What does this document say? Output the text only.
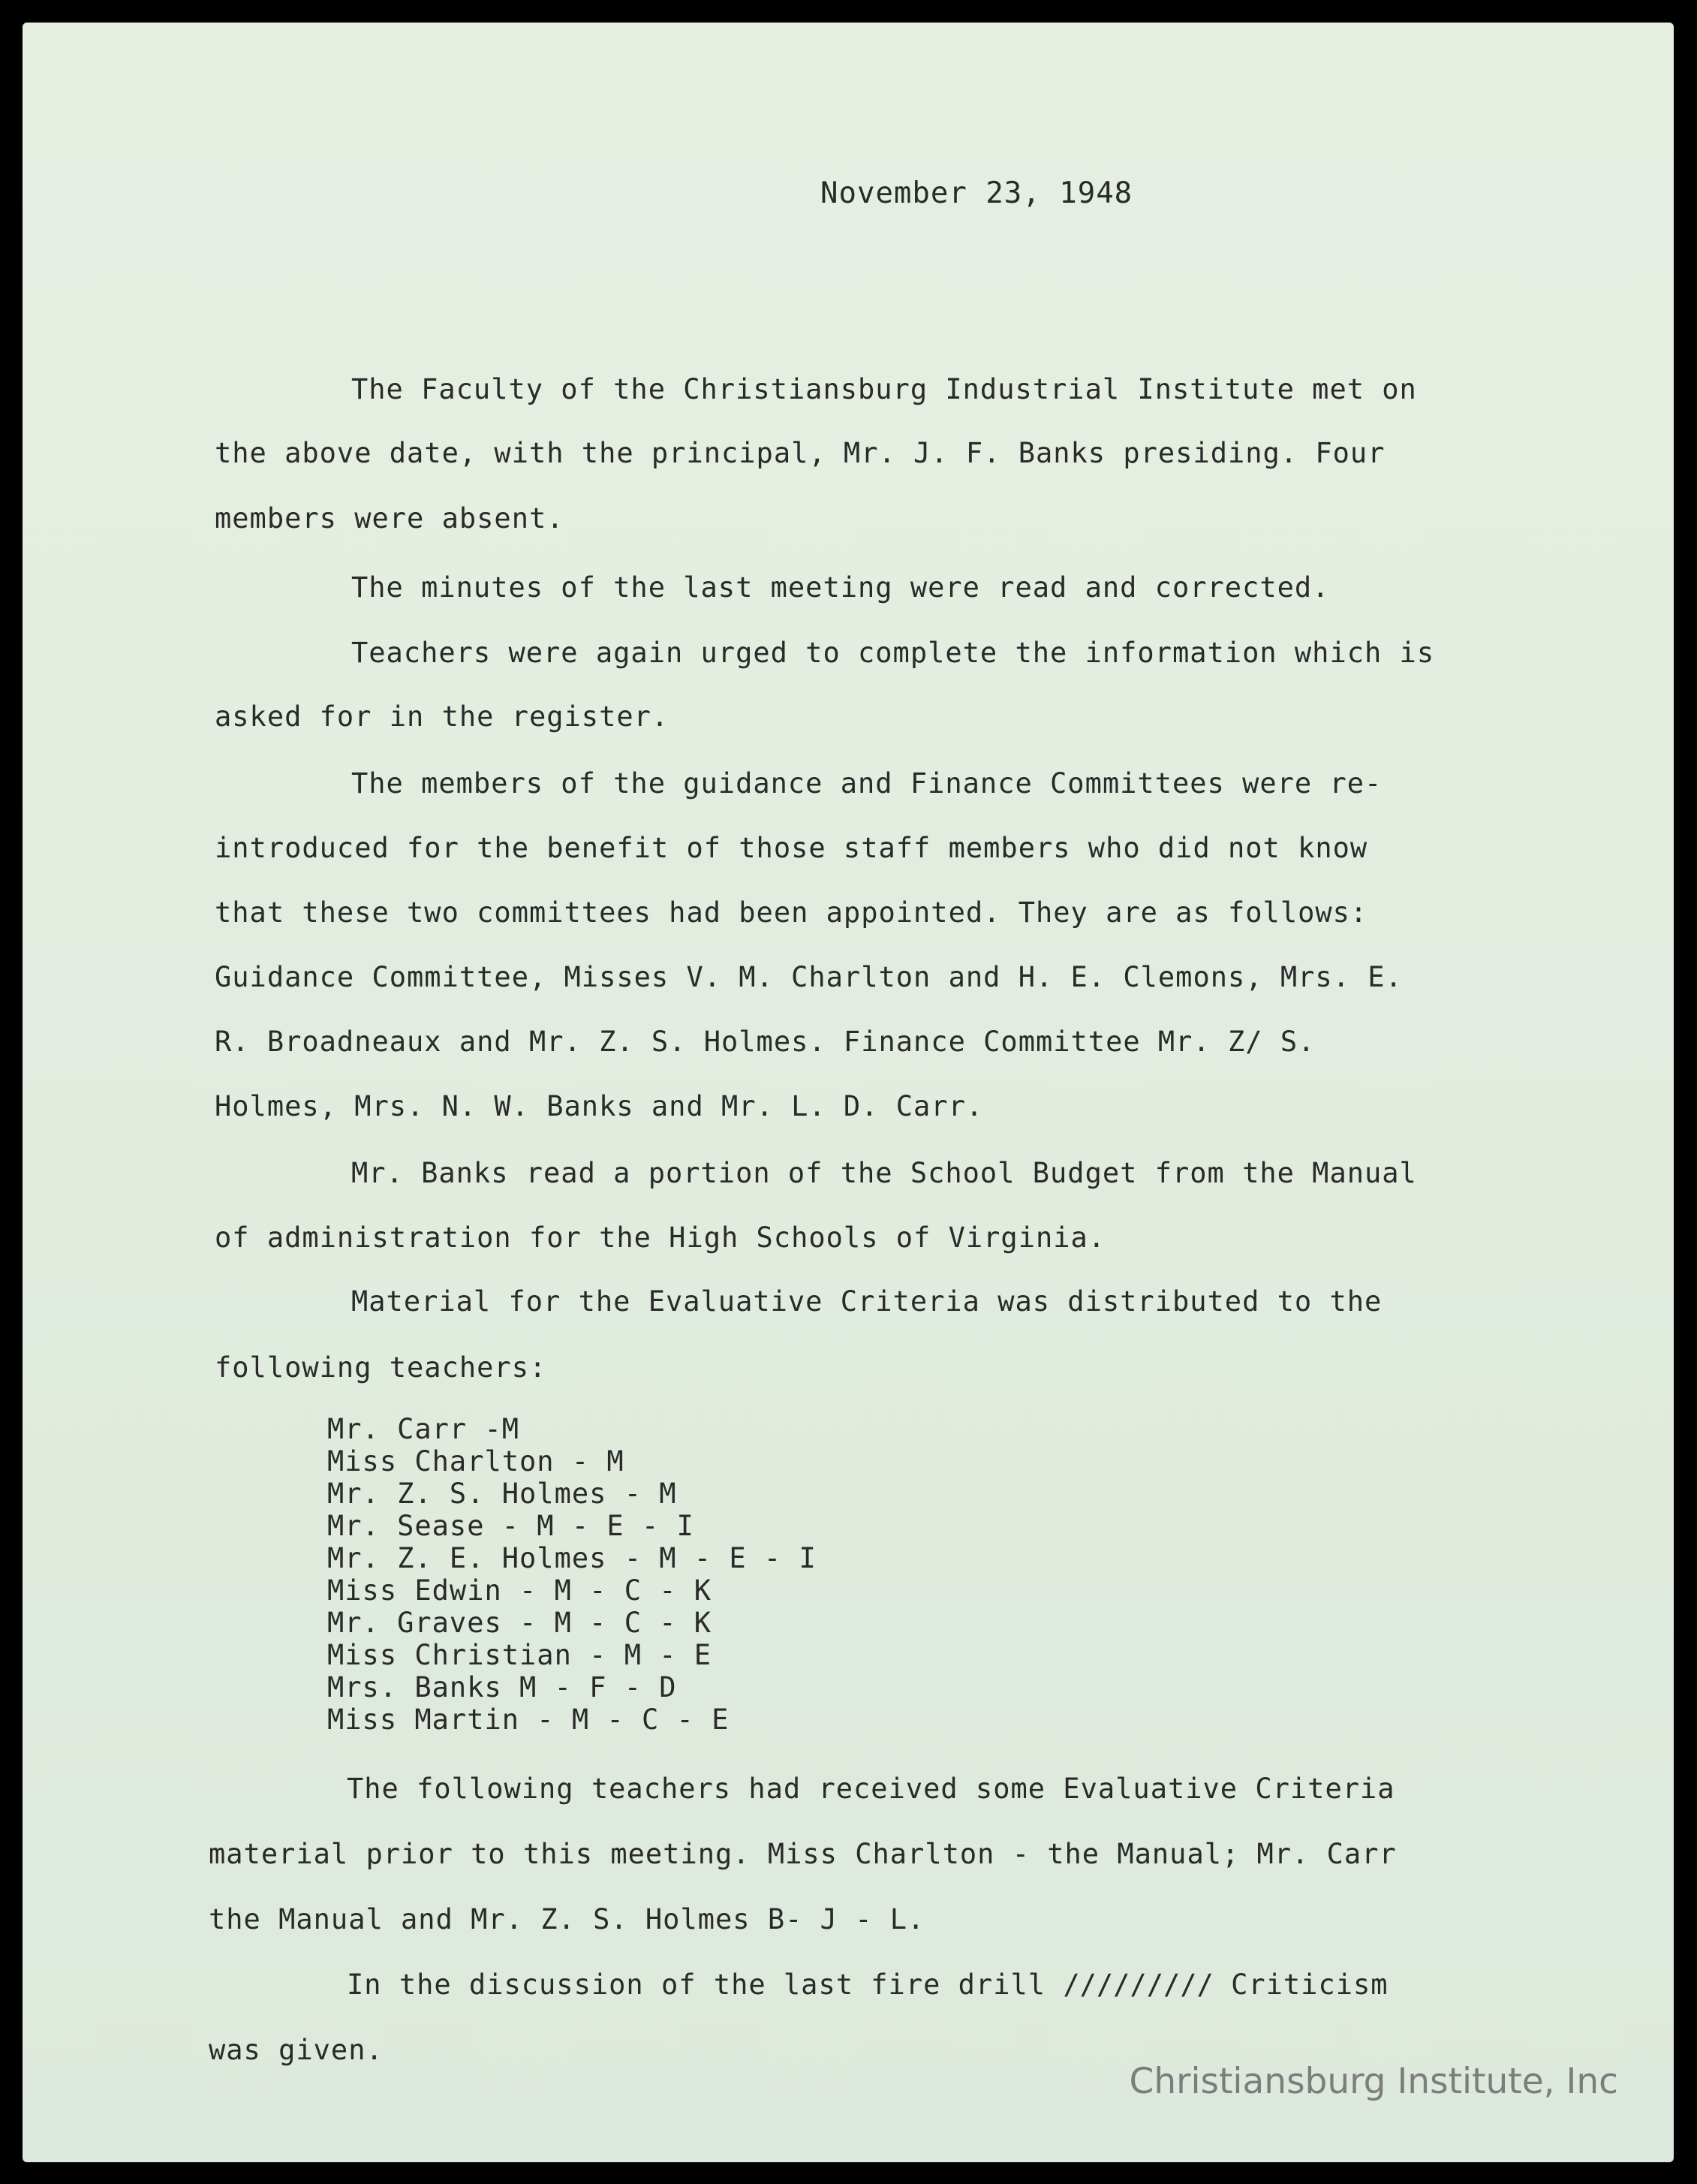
November 23, 1948
The Faculty of the Christiansburg Industrial Institute met on
the above date, with the principal, Mr. J. F. Banks presiding. Four
members were absent.
The minutes of the last meeting were read and corrected.
Teachers were again urged to complete the information which is
asked for in the register.
The members of the guidance and Finance Committees were re-
introduced for the benefit of those staff members who did not know
that these two committees had been appointed. They are as follows:
Guidance Committee, Misses V. M. Charlton and H. E. Clemons, Mrs. E.
R. Broadneaux and Mr. Z. S. Holmes. Finance Committee Mr. Z/ S.
Holmes, Mrs. N. W. Banks and Mr. L. D. Carr.
Mr. Banks read a portion of the School Budget from the Manual
of administration for the High Schools of Virginia.
Material for the Evaluative Criteria was distributed to the
following teachers:
Mr. Carr -M
Miss Charlton - M
Mr. Z. S. Holmes - M
Mr. Sease - M - E - I
Mr. Z. E. Holmes - M - E - I
Miss Edwin - M - C - K
Mr. Graves - M - C - K
Miss Christian - M - E
Mrs. Banks M - F - D
Miss Martin - M - C - E
The following teachers had received some Evaluative Criteria
material prior to this meeting. Miss Charlton - the Manual; Mr. Carr
the Manual and Mr. Z. S. Holmes B- J - L.
In the discussion of the last fire drill ///////// Criticism
was given.
Christiansburg Institute, Inc
